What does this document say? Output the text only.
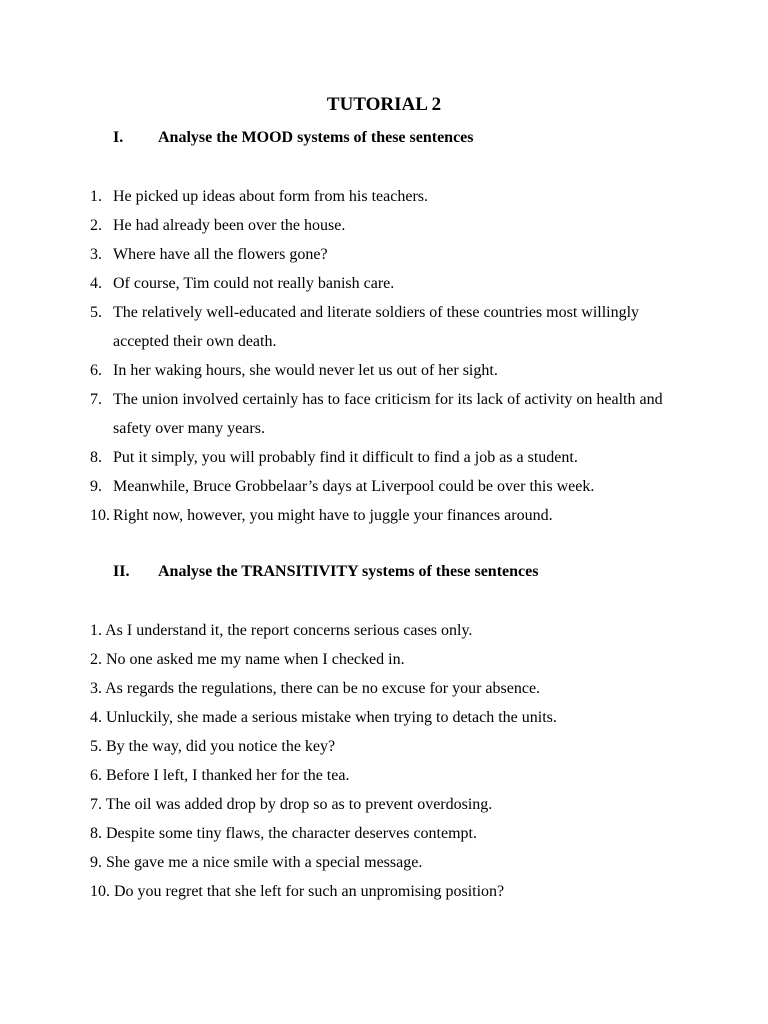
TUTORIAL 2
I. Analyse the MOOD systems of these sentences
1. He picked up ideas about form from his teachers.
2. He had already been over the house.
3. Where have all the flowers gone?
4. Of course, Tim could not really banish care.
5. The relatively well-educated and literate soldiers of these countries most willingly accepted their own death.
6. In her waking hours, she would never let us out of her sight.
7. The union involved certainly has to face criticism for its lack of activity on health and safety over many years.
8. Put it simply, you will probably find it difficult to find a job as a student.
9. Meanwhile, Bruce Grobbelaar’s days at Liverpool could be over this week.
10. Right now, however, you might have to juggle your finances around.
II. Analyse the TRANSITIVITY systems of these sentences
1. As I understand it, the report concerns serious cases only.
2. No one asked me my name when I checked in.
3. As regards the regulations, there can be no excuse for your absence.
4. Unluckily, she made a serious mistake when trying to detach the units.
5. By the way, did you notice the key?
6. Before I left, I thanked her for the tea.
7. The oil was added drop by drop so as to prevent overdosing.
8. Despite some tiny flaws, the character deserves contempt.
9. She gave me a nice smile with a special message.
10. Do you regret that she left for such an unpromising position?
